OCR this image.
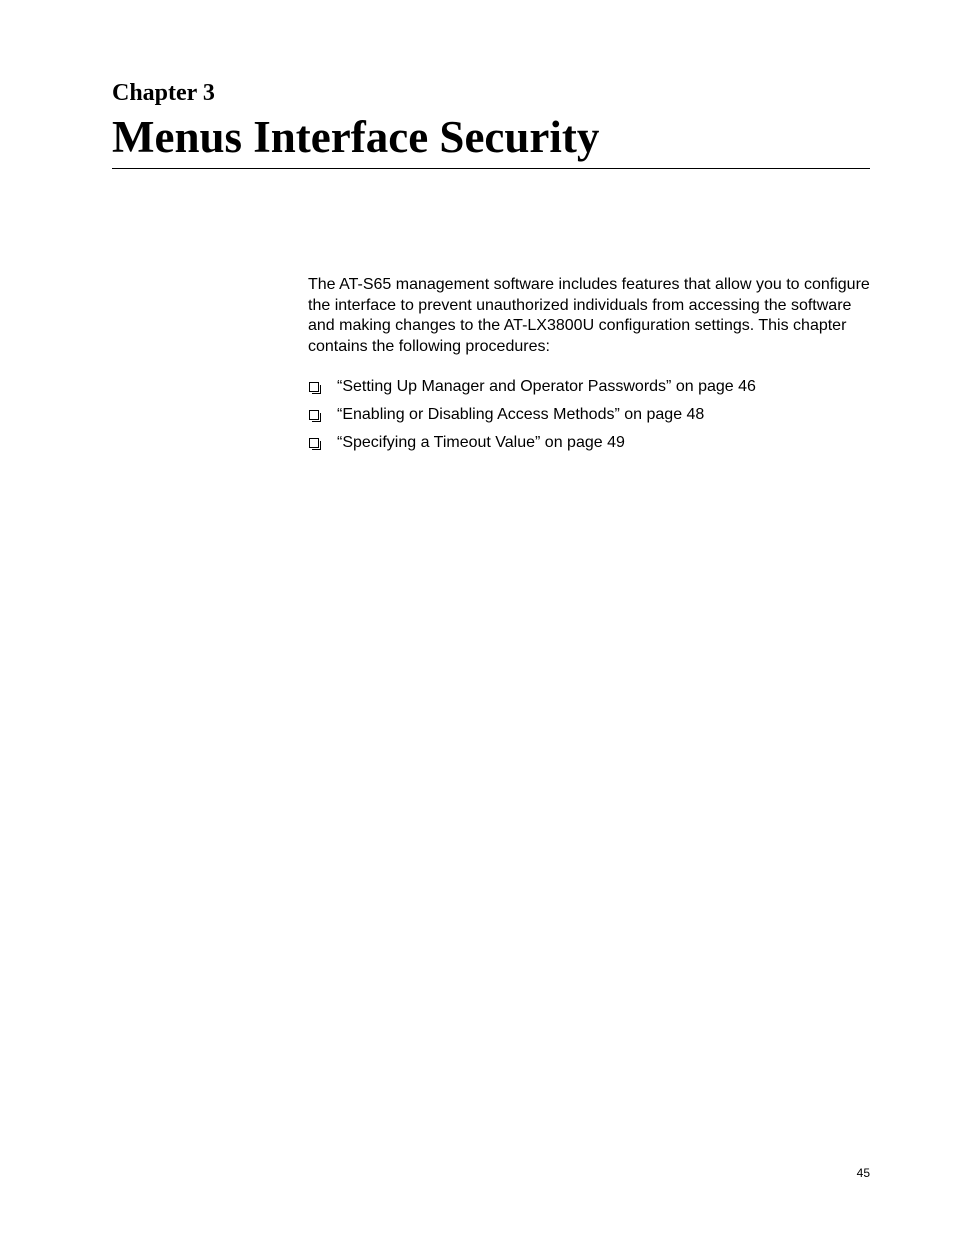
Chapter 3

Menus Interface Security

The AT-S65 management software includes features that allow you to configure the interface to prevent unauthorized individuals from accessing the software and making changes to the AT-LX3800U configuration settings. This chapter contains the following procedures:

“Setting Up Manager and Operator Passwords” on page 46
“Enabling or Disabling Access Methods” on page 48
“Specifying a Timeout Value” on page 49

45
